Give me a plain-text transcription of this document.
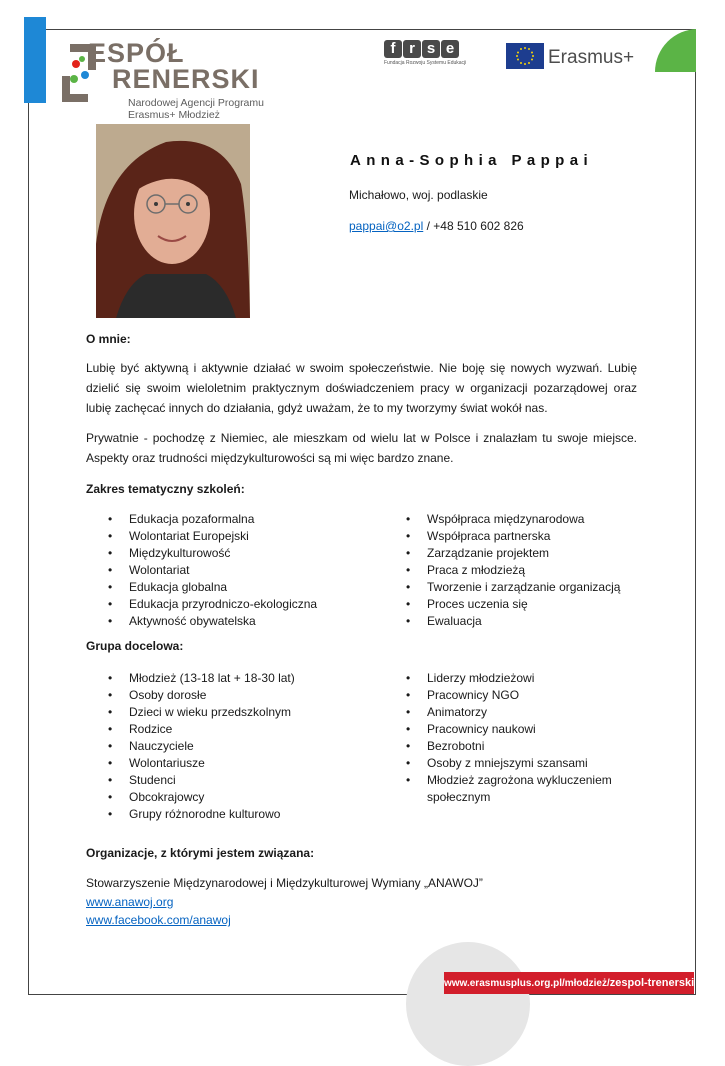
ESPÓŁ
RENERSKI
Narodowej Agencji Programu
Erasmus+ Młodzież
f r s e
Fundacja Rozwoju Systemu Edukacji	Erasmus+
Anna-Sophia Pappai
Michałowo, woj. podlaskie
pappai@o2.pl / +48 510 602 826
O mnie:
Lubię być aktywną i aktywnie działać w swoim społeczeństwie. Nie boję się nowych wyzwań. Lubię dzielić się swoim wieloletnim praktycznym doświadczeniem pracy w organizacji pozarządowej oraz lubię zachęcać innych do działania, gdyż uważam, że to my tworzymy świat wokół nas.
Prywatnie - pochodzę z Niemiec, ale mieszkam od wielu lat w Polsce i znalazłam tu swoje miejsce. Aspekty oraz trudności międzykulturowości są mi więc bardzo znane.
Zakres tematyczny szkoleń:
• Edukacja pozaformalna
• Wolontariat Europejski
• Międzykulturowość
• Wolontariat
• Edukacja globalna
• Edukacja przyrodniczo-ekologiczna
• Aktywność obywatelska
• Współpraca międzynarodowa
• Współpraca partnerska
• Zarządzanie projektem
• Praca z młodzieżą
• Tworzenie i zarządzanie organizacją
• Proces uczenia się
• Ewaluacja
Grupa docelowa:
• Młodzież (13-18 lat + 18-30 lat)
• Osoby dorosłe
• Dzieci w wieku przedszkolnym
• Rodzice
• Nauczyciele
• Wolontariusze
• Studenci
• Obcokrajowcy
• Grupy różnorodne kulturowo
• Liderzy młodzieżowi
• Pracownicy NGO
• Animatorzy
• Pracownicy naukowi
• Bezrobotni
• Osoby z mniejszymi szansami
• Młodzież zagrożona wykluczeniem społecznym
Organizacje, z którymi jestem związana:
Stowarzyszenie Międzynarodowej i Międzykulturowej Wymiany „ANAWOJ”
www.anawoj.org
www.facebook.com/anawoj
www.erasmusplus.org.pl/młodzież/zespol-trenerski
